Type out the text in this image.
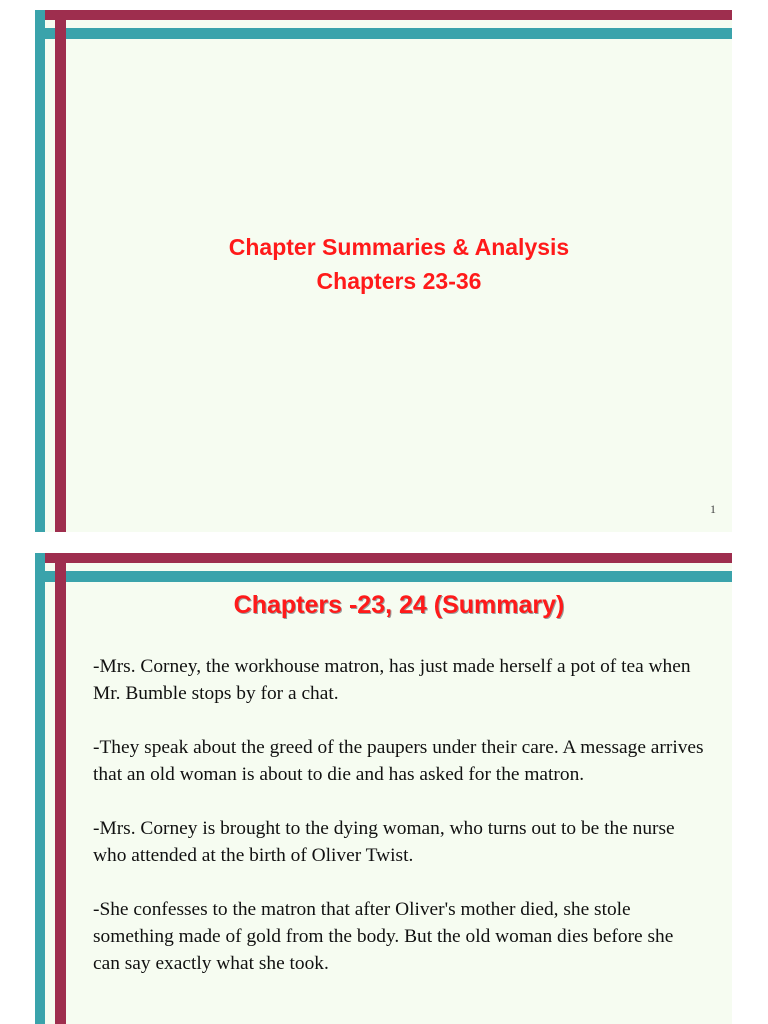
Chapter Summaries & Analysis
Chapters 23-36

1

Chapters -23, 24 (Summary)

-Mrs. Corney, the workhouse matron, has just made herself a pot of tea when Mr. Bumble stops by for a chat.

-They speak about the greed of the paupers under their care. A message arrives that an old woman is about to die and has asked for the matron.

-Mrs. Corney is brought to the dying woman, who turns out to be the nurse who attended at the birth of Oliver Twist.

-She confesses to the matron that after Oliver's mother died, she stole something made of gold from the body. But the old woman dies before she can say exactly what she took.
